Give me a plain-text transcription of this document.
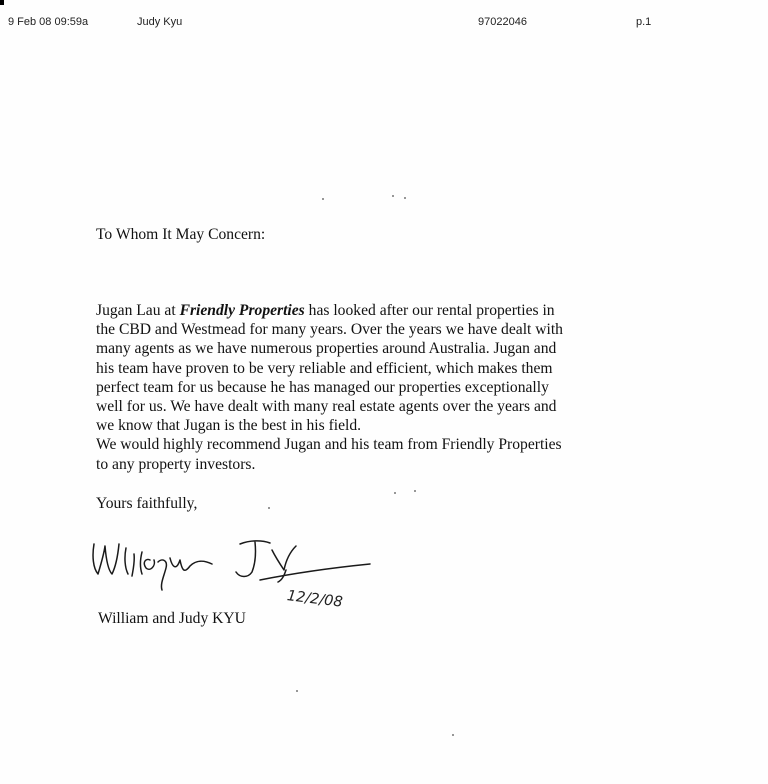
9 Feb 08 09:59a	Judy Kyu	97022046	p.1
To Whom It May Concern:
Jugan Lau at Friendly Properties has looked after our rental properties in
the CBD and Westmead for many years. Over the years we have dealt with
many agents as we have numerous properties around Australia. Jugan and
his team have proven to be very reliable and efficient, which makes them
perfect team for us because he has managed our properties exceptionally
well for us. We have dealt with many real estate agents over the years and
we know that Jugan is the best in his field.
We would highly recommend Jugan and his team from Friendly Properties
to any property investors.
Yours faithfully,
12/2/08
William and Judy KYU
